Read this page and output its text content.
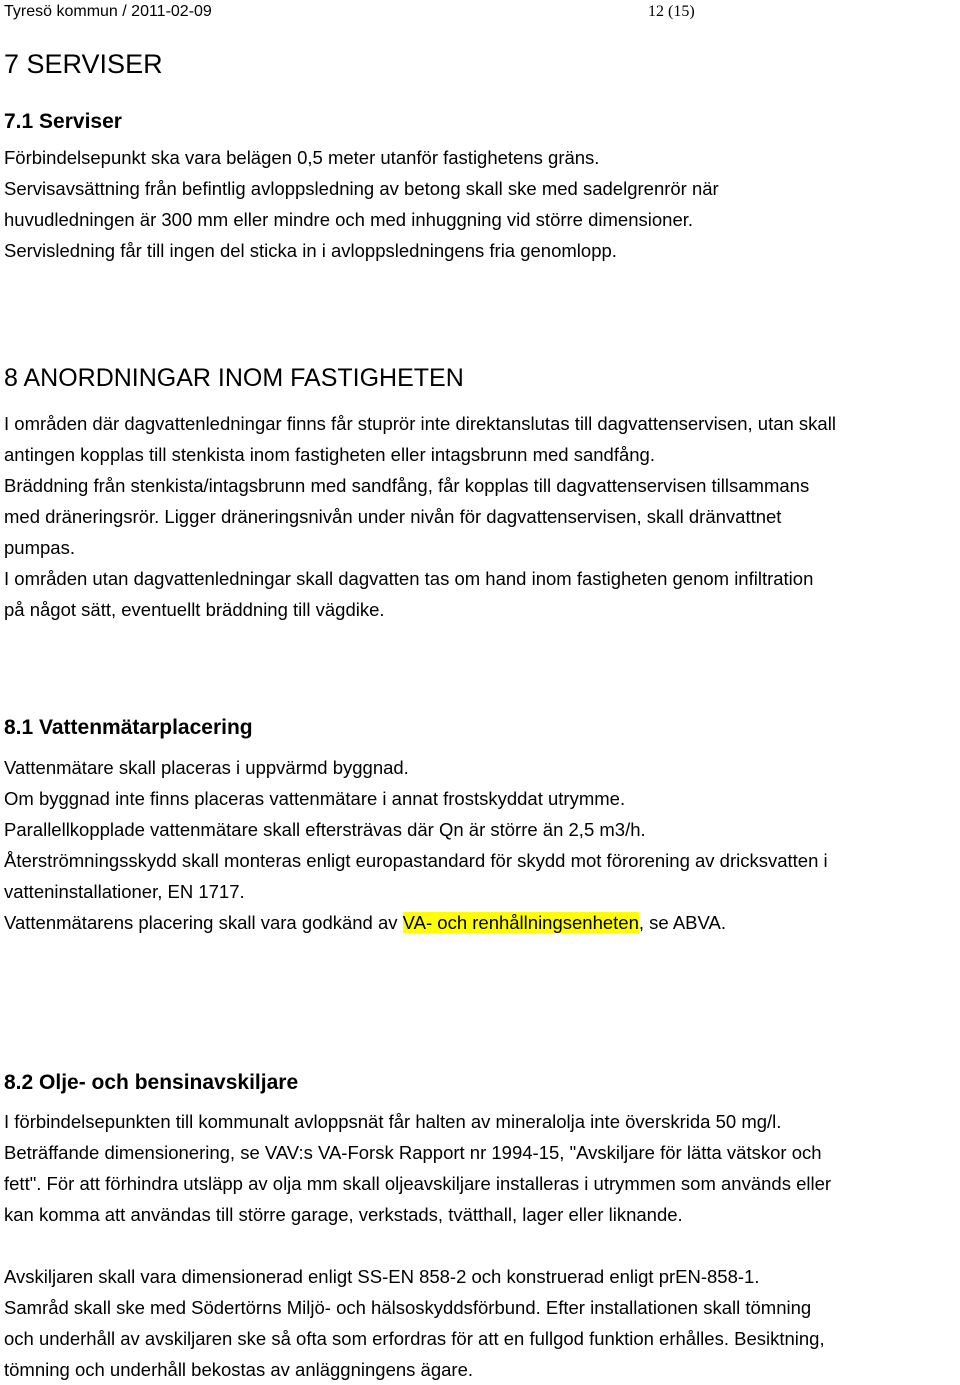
Tyresö kommun / 2011-02-09	12 (15)
7 SERVISER
7.1 Serviser
Förbindelsepunkt ska vara belägen 0,5 meter utanför fastighetens gräns.
Servisavsättning från befintlig avloppsledning av betong skall ske med sadelgrenrör när
huvudledningen är 300 mm eller mindre och med inhuggning vid större dimensioner.
Servisledning får till ingen del sticka in i avloppsledningens fria genomlopp.
8 ANORDNINGAR INOM FASTIGHETEN
I områden där dagvattenledningar finns får stuprör inte direktanslutas till dagvattenservisen, utan skall
antingen kopplas till stenkista inom fastigheten eller intagsbrunn med sandfång.
Bräddning från stenkista/intagsbrunn med sandfång, får kopplas till dagvattenservisen tillsammans
med dräneringsrör. Ligger dräneringsnivån under nivån för dagvattenservisen, skall dränvattnet
pumpas.
I områden utan dagvattenledningar skall dagvatten tas om hand inom fastigheten genom infiltration
på något sätt, eventuellt bräddning till vägdike.
8.1 Vattenmätarplacering
Vattenmätare skall placeras i uppvärmd byggnad.
Om byggnad inte finns placeras vattenmätare i annat frostskyddat utrymme.
Parallellkopplade vattenmätare skall eftersträvas där Qn är större än 2,5 m3/h.
Återströmningsskydd skall monteras enligt europastandard för skydd mot förorening av dricksvatten i
vatteninstallationer, EN 1717.
Vattenmätarens placering skall vara godkänd av VA- och renhållningsenheten, se ABVA.
8.2 Olje- och bensinavskiljare
I förbindelsepunkten till kommunalt avloppsnät får halten av mineralolja inte överskrida 50 mg/l.
Beträffande dimensionering, se VAV:s VA-Forsk Rapport nr 1994-15, "Avskiljare för lätta vätskor och
fett". För att förhindra utsläpp av olja mm skall oljeavskiljare installeras i utrymmen som används eller
kan komma att användas till större garage, verkstads, tvätthall, lager eller liknande.
Avskiljaren skall vara dimensionerad enligt SS-EN 858-2 och konstruerad enligt prEN-858-1.
Samråd skall ske med Södertörns Miljö- och hälsoskyddsförbund. Efter installationen skall tömning
och underhåll av avskiljaren ske så ofta som erfordras för att en fullgod funktion erhålles. Besiktning,
tömning och underhåll bekostas av anläggningens ägare.
